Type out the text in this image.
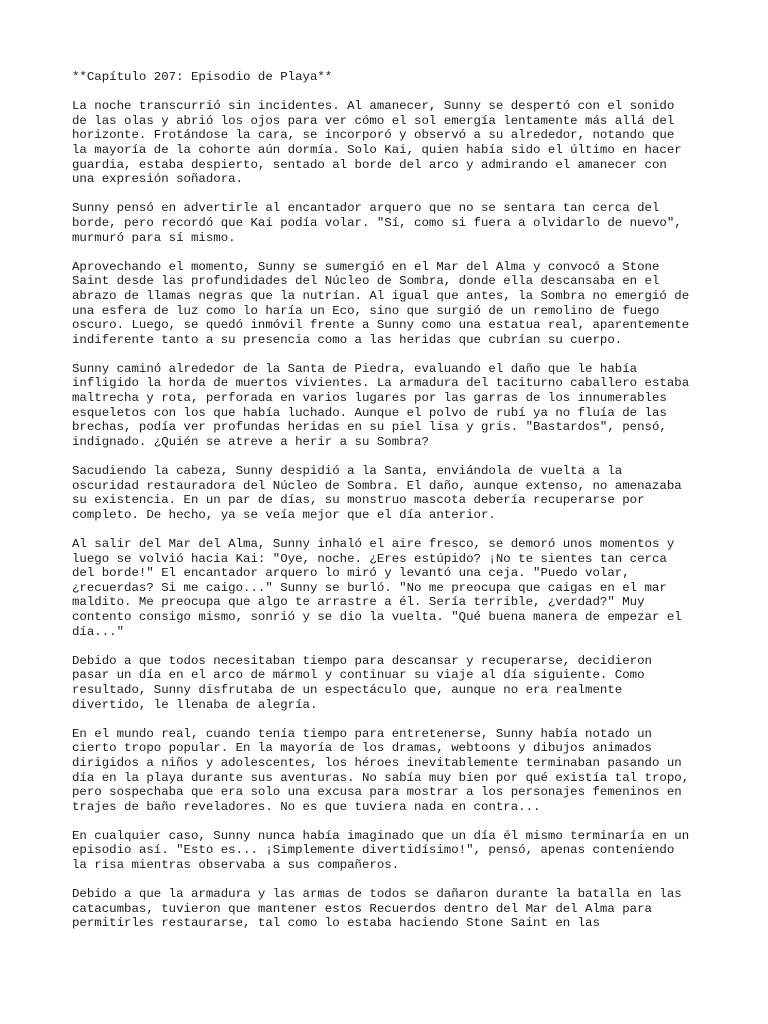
**Capítulo 207: Episodio de Playa**

La noche transcurrió sin incidentes. Al amanecer, Sunny se despertó con el sonido
de las olas y abrió los ojos para ver cómo el sol emergía lentamente más allá del
horizonte. Frotándose la cara, se incorporó y observó a su alrededor, notando que
la mayoría de la cohorte aún dormía. Solo Kai, quien había sido el último en hacer
guardia, estaba despierto, sentado al borde del arco y admirando el amanecer con
una expresión soñadora.

Sunny pensó en advertirle al encantador arquero que no se sentara tan cerca del
borde, pero recordó que Kai podía volar. "Sí, como si fuera a olvidarlo de nuevo",
murmuró para sí mismo.

Aprovechando el momento, Sunny se sumergió en el Mar del Alma y convocó a Stone
Saint desde las profundidades del Núcleo de Sombra, donde ella descansaba en el
abrazo de llamas negras que la nutrían. Al igual que antes, la Sombra no emergió de
una esfera de luz como lo haría un Eco, sino que surgió de un remolino de fuego
oscuro. Luego, se quedó inmóvil frente a Sunny como una estatua real, aparentemente
indiferente tanto a su presencia como a las heridas que cubrían su cuerpo.

Sunny caminó alrededor de la Santa de Piedra, evaluando el daño que le había
infligido la horda de muertos vivientes. La armadura del taciturno caballero estaba
maltrecha y rota, perforada en varios lugares por las garras de los innumerables
esqueletos con los que había luchado. Aunque el polvo de rubí ya no fluía de las
brechas, podía ver profundas heridas en su piel lisa y gris. "Bastardos", pensó,
indignado. ¿Quién se atreve a herir a su Sombra?

Sacudiendo la cabeza, Sunny despidió a la Santa, enviándola de vuelta a la
oscuridad restauradora del Núcleo de Sombra. El daño, aunque extenso, no amenazaba
su existencia. En un par de días, su monstruo mascota debería recuperarse por
completo. De hecho, ya se veía mejor que el día anterior.

Al salir del Mar del Alma, Sunny inhaló el aire fresco, se demoró unos momentos y
luego se volvió hacia Kai: "Oye, noche. ¿Eres estúpido? ¡No te sientes tan cerca
del borde!" El encantador arquero lo miró y levantó una ceja. "Puedo volar,
¿recuerdas? Si me caigo..." Sunny se burló. "No me preocupa que caigas en el mar
maldito. Me preocupa que algo te arrastre a él. Sería terrible, ¿verdad?" Muy
contento consigo mismo, sonrió y se dio la vuelta. "Qué buena manera de empezar el
día..."

Debido a que todos necesitaban tiempo para descansar y recuperarse, decidieron
pasar un día en el arco de mármol y continuar su viaje al día siguiente. Como
resultado, Sunny disfrutaba de un espectáculo que, aunque no era realmente
divertido, le llenaba de alegría.

En el mundo real, cuando tenía tiempo para entretenerse, Sunny había notado un
cierto tropo popular. En la mayoría de los dramas, webtoons y dibujos animados
dirigidos a niños y adolescentes, los héroes inevitablemente terminaban pasando un
día en la playa durante sus aventuras. No sabía muy bien por qué existía tal tropo,
pero sospechaba que era solo una excusa para mostrar a los personajes femeninos en
trajes de baño reveladores. No es que tuviera nada en contra...

En cualquier caso, Sunny nunca había imaginado que un día él mismo terminaría en un
episodio así. "Esto es... ¡Simplemente divertidísimo!", pensó, apenas conteniendo
la risa mientras observaba a sus compañeros.

Debido a que la armadura y las armas de todos se dañaron durante la batalla en las
catacumbas, tuvieron que mantener estos Recuerdos dentro del Mar del Alma para
permitirles restaurarse, tal como lo estaba haciendo Stone Saint en las
